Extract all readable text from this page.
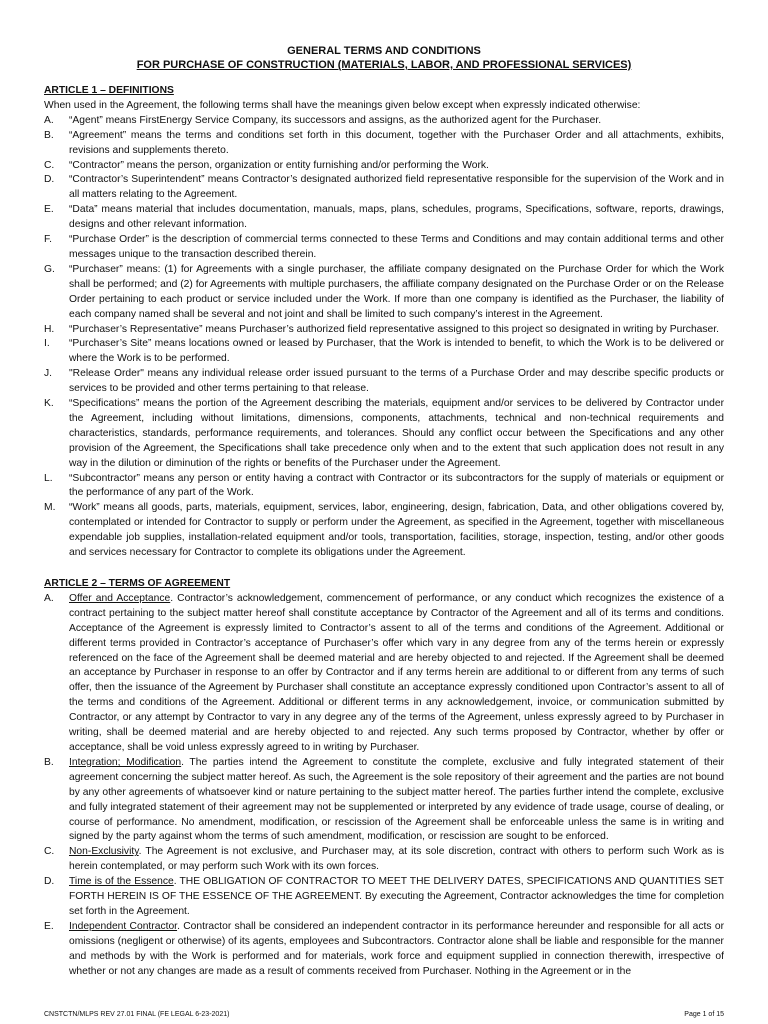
GENERAL TERMS AND CONDITIONS
FOR PURCHASE OF CONSTRUCTION (MATERIALS, LABOR, AND PROFESSIONAL SERVICES)
ARTICLE 1 – DEFINITIONS

When used in the Agreement, the following terms shall have the meanings given below except when expressly indicated otherwise:

A.	“Agent” means FirstEnergy Service Company, its successors and assigns, as the authorized agent for the Purchaser.
B.	“Agreement” means the terms and conditions set forth in this document, together with the Purchaser Order and all attachments, exhibits, revisions and supplements thereto.
C.	“Contractor” means the person, organization or entity furnishing and/or performing the Work.
D.	“Contractor’s Superintendent” means Contractor’s designated authorized field representative responsible for the supervision of the Work and in all matters relating to the Agreement.
E.	“Data” means material that includes documentation, manuals, maps, plans, schedules, programs, Specifications, software, reports, drawings, designs and other relevant information.
F.	“Purchase Order” is the description of commercial terms connected to these Terms and Conditions and may contain additional terms and other messages unique to the transaction described therein.
G.	“Purchaser” means: (1) for Agreements with a single purchaser, the affiliate company designated on the Purchase Order for which the Work shall be performed; and (2) for Agreements with multiple purchasers, the affiliate company designated on the Purchase Order or on the Release Order pertaining to each product or service included under the Work. If more than one company is identified as the Purchaser, the liability of each company named shall be several and not joint and shall be limited to such company’s interest in the Agreement.
H.	“Purchaser’s Representative” means Purchaser’s authorized field representative assigned to this project so designated in writing by Purchaser.
I.	“Purchaser’s Site” means locations owned or leased by Purchaser, that the Work is intended to benefit, to which the Work is to be delivered or where the Work is to be performed.
J.	"Release Order" means any individual release order issued pursuant to the terms of a Purchase Order and may describe specific products or services to be provided and other terms pertaining to that release.
K.	“Specifications” means the portion of the Agreement describing the materials, equipment and/or services to be delivered by Contractor under the Agreement, including without limitations, dimensions, components, attachments, technical and non-technical requirements and characteristics, standards, performance requirements, and tolerances. Should any conflict occur between the Specifications and any other provision of the Agreement, the Specifications shall take precedence only when and to the extent that such application does not result in any way in the dilution or diminution of the rights or benefits of the Purchaser under the Agreement.
L.	“Subcontractor” means any person or entity having a contract with Contractor or its subcontractors for the supply of materials or equipment or the performance of any part of the Work.
M.	“Work” means all goods, parts, materials, equipment, services, labor, engineering, design, fabrication, Data, and other obligations covered by, contemplated or intended for Contractor to supply or perform under the Agreement, as specified in the Agreement, together with miscellaneous expendable job supplies, installation-related equipment and/or tools, transportation, facilities, storage, inspection, testing, and/or other goods and services necessary for Contractor to complete its obligations under the Agreement.
ARTICLE 2 – TERMS OF AGREEMENT
A.	Offer and Acceptance. Contractor’s acknowledgement, commencement of performance, or any conduct which recognizes the existence of a contract pertaining to the subject matter hereof shall constitute acceptance by Contractor of the Agreement and all of its terms and conditions. Acceptance of the Agreement is expressly limited to Contractor’s assent to all of the terms and conditions of the Agreement. Additional or different terms provided in Contractor’s acceptance of Purchaser’s offer which vary in any degree from any of the terms herein or expressly referenced on the face of the Agreement shall be deemed material and are hereby objected to and rejected. If the Agreement shall be deemed an acceptance by Purchaser in response to an offer by Contractor and if any terms herein are additional to or different from any terms of such offer, then the issuance of the Agreement by Purchaser shall constitute an acceptance expressly conditioned upon Contractor’s assent to all of the terms and conditions of the Agreement. Additional or different terms in any acknowledgement, invoice, or communication submitted by Contractor, or any attempt by Contractor to vary in any degree any of the terms of the Agreement, unless expressly agreed to by Purchaser in writing, shall be deemed material and are hereby objected to and rejected. Any such terms proposed by Contractor, whether by offer or acceptance, shall be void unless expressly agreed to in writing by Purchaser.
B.	Integration; Modification. The parties intend the Agreement to constitute the complete, exclusive and fully integrated statement of their agreement concerning the subject matter hereof. As such, the Agreement is the sole repository of their agreement and the parties are not bound by any other agreements of whatsoever kind or nature pertaining to the subject matter hereof. The parties further intend the complete, exclusive and fully integrated statement of their agreement may not be supplemented or interpreted by any evidence of trade usage, course of dealing, or course of performance. No amendment, modification, or rescission of the Agreement shall be enforceable unless the same is in writing and signed by the party against whom the terms of such amendment, modification, or rescission are sought to be enforced.
C.	Non-Exclusivity. The Agreement is not exclusive, and Purchaser may, at its sole discretion, contract with others to perform such Work as is herein contemplated, or may perform such Work with its own forces.
D.	Time is of the Essence. THE OBLIGATION OF CONTRACTOR TO MEET THE DELIVERY DATES, SPECIFICATIONS AND QUANTITIES SET FORTH HEREIN IS OF THE ESSENCE OF THE AGREEMENT. By executing the Agreement, Contractor acknowledges the time for completion set forth in the Agreement.
E.	Independent Contractor. Contractor shall be considered an independent contractor in its performance hereunder and responsible for all acts or omissions (negligent or otherwise) of its agents, employees and Subcontractors. Contractor alone shall be liable and responsible for the manner and methods by with the Work is performed and for materials, work force and equipment supplied in connection therewith, irrespective of whether or not any changes are made as a result of comments received from Purchaser. Nothing in the Agreement or in the
CNSTCTN/MLPS REV 27.01 FINAL (FE LEGAL 6-23-2021)	Page 1 of 15
